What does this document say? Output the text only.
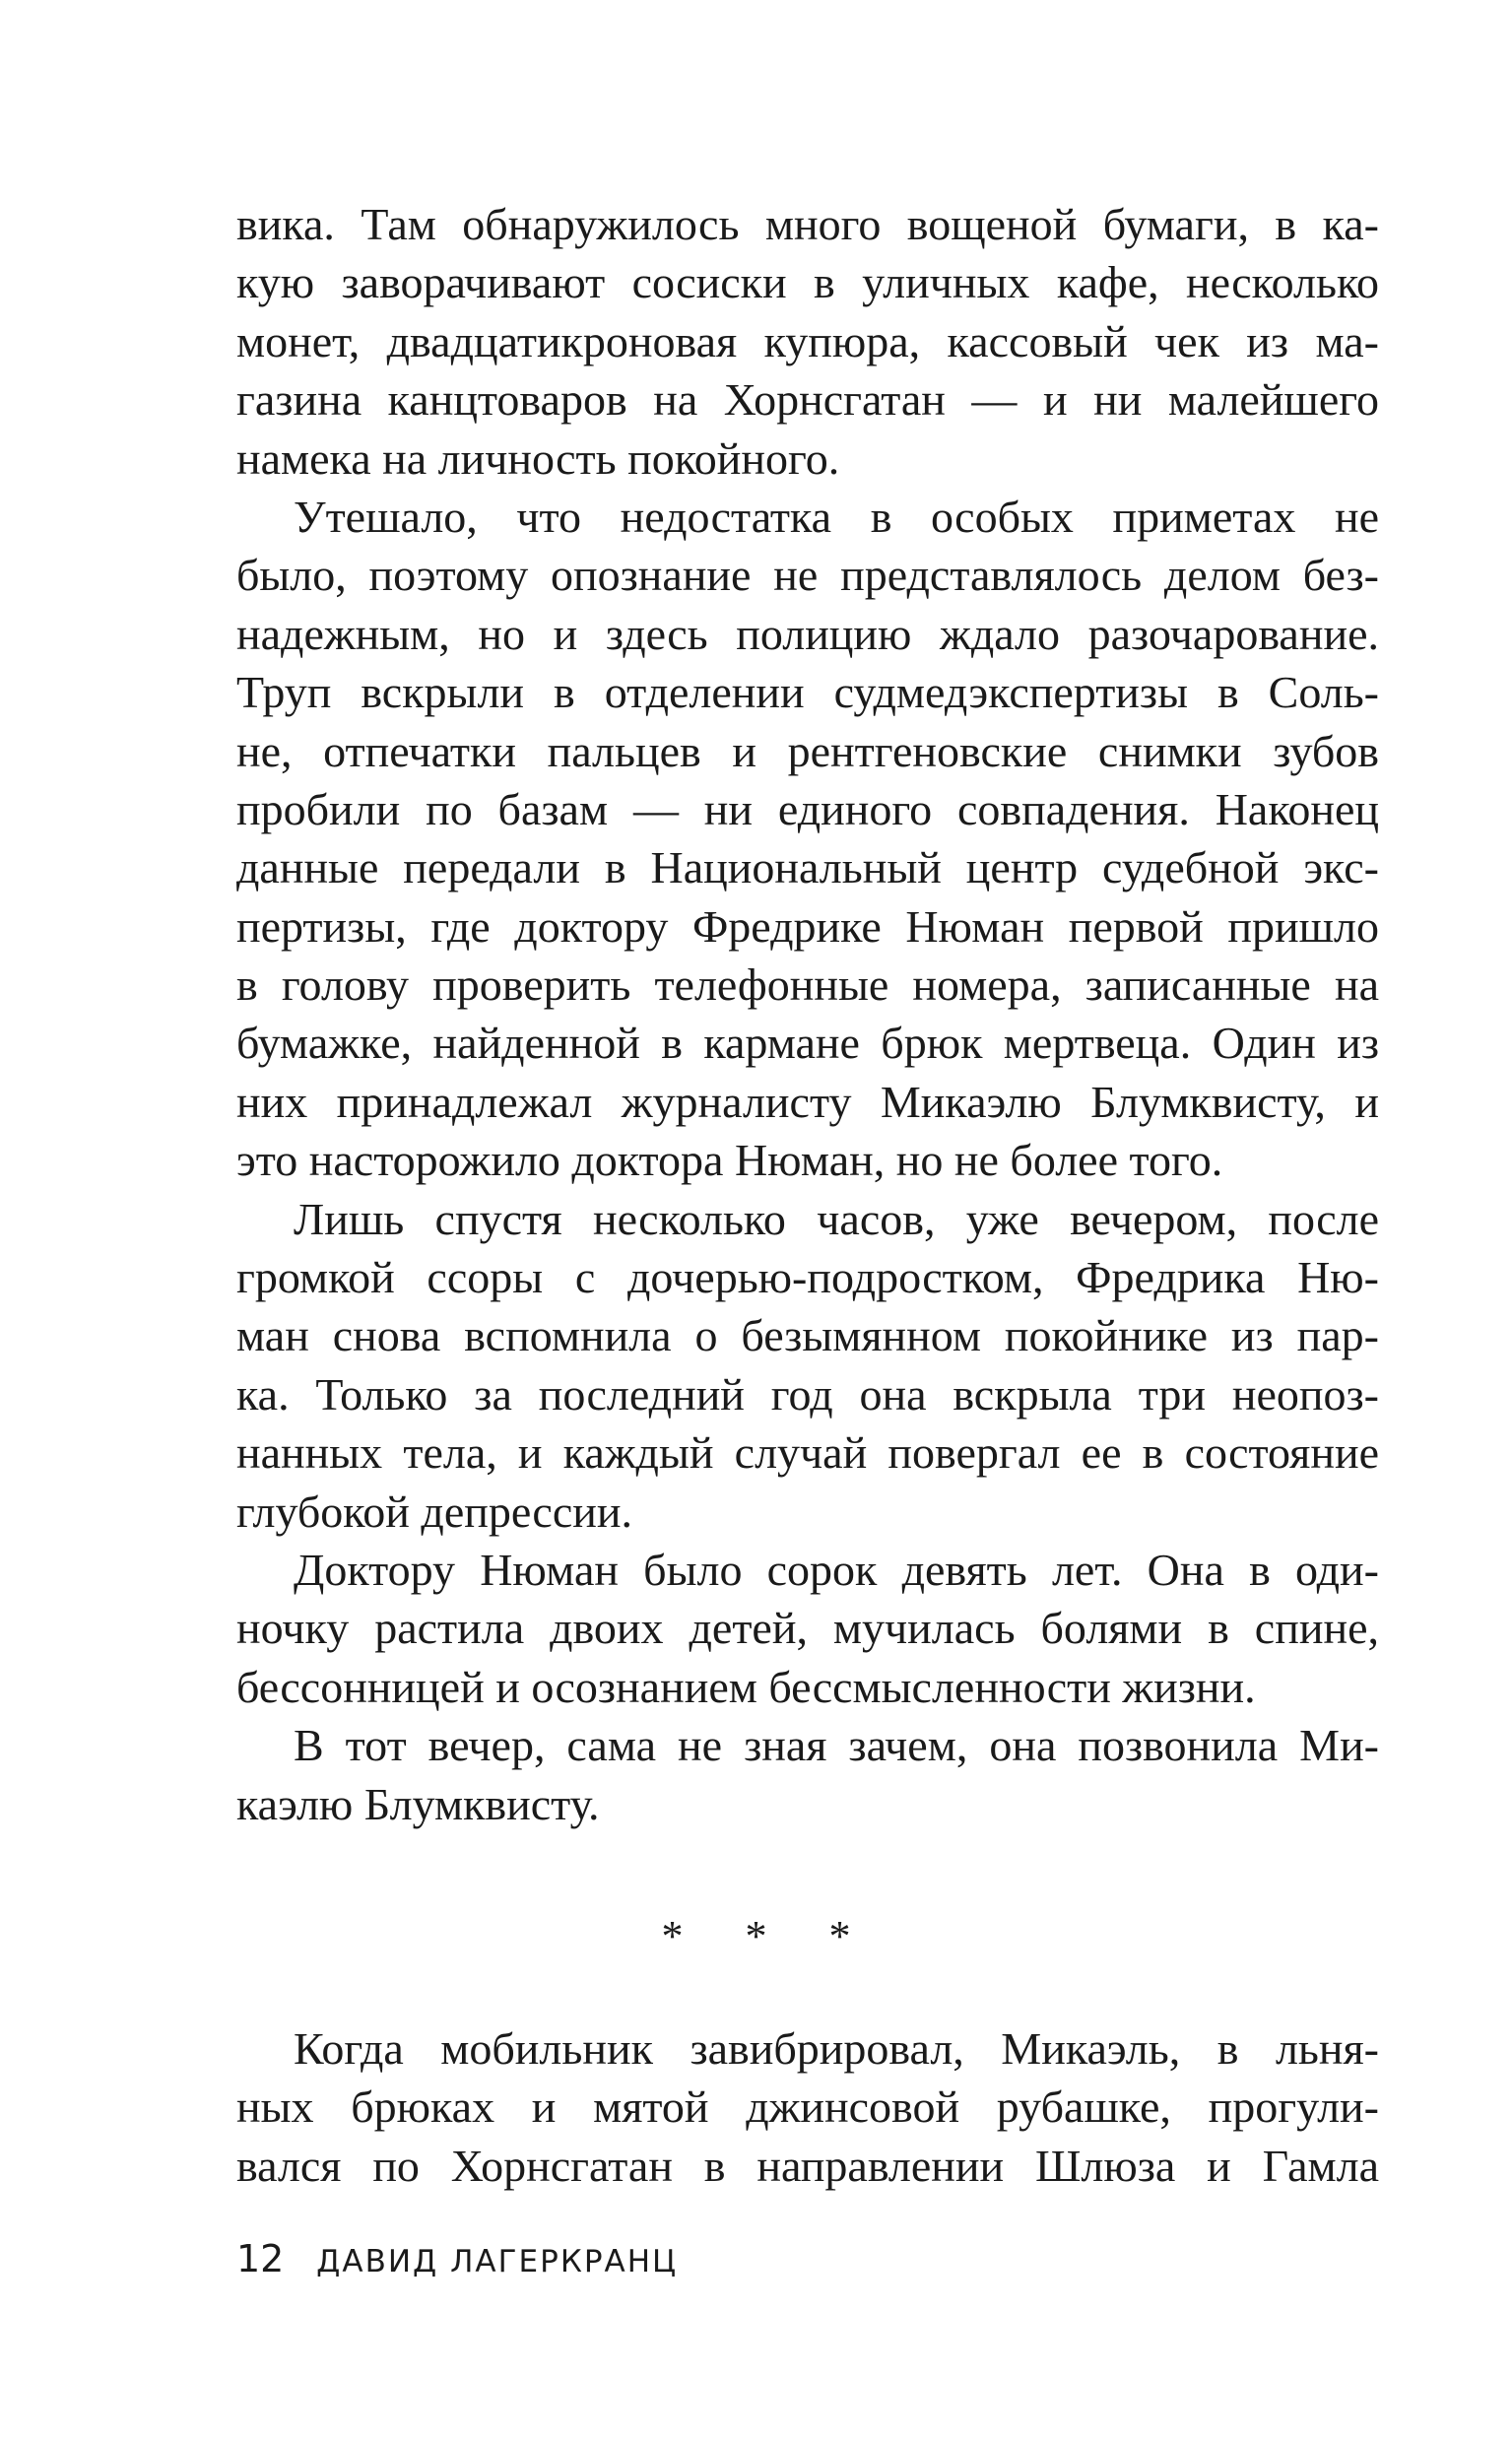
вика. Там обнаружилось много вощеной бумаги, в ка-
кую заворачивают сосиски в уличных кафе, несколько
монет, двадцатикроновая купюра, кассовый чек из ма-
газина канцтоваров на Хорнсгатан — и ни малейшего
намека на личность покойного.
Утешало, что недостатка в особых приметах не
было, поэтому опознание не представлялось делом без-
надежным, но и здесь полицию ждало разочарование.
Труп вскрыли в отделении судмедэкспертизы в Соль-
не, отпечатки пальцев и рентгеновские снимки зубов
пробили по базам — ни единого совпадения. Наконец
данные передали в Национальный центр судебной экс-
пертизы, где доктору Фредрике Нюман первой пришло
в голову проверить телефонные номера, записанные на
бумажке, найденной в кармане брюк мертвеца. Один из
них принадлежал журналисту Микаэлю Блумквисту, и
это насторожило доктора Нюман, но не более того.
Лишь спустя несколько часов, уже вечером, после
громкой ссоры с дочерью-подростком, Фредрика Ню-
ман снова вспомнила о безымянном покойнике из пар-
ка. Только за последний год она вскрыла три неопоз-
нанных тела, и каждый случай повергал ее в состояние
глубокой депрессии.
Доктору Нюман было сорок девять лет. Она в оди-
ночку растила двоих детей, мучилась болями в спине,
бессонницей и осознанием бессмысленности жизни.
В тот вечер, сама не зная зачем, она позвонила Ми-
каэлю Блумквисту.
* * *
Когда мобильник завибрировал, Микаэль, в льня-
ных брюках и мятой джинсовой рубашке, прогули-
вался по Хорнсгатан в направлении Шлюза и Гамла
12 ДАВИД ЛАГЕРКРАНЦ
